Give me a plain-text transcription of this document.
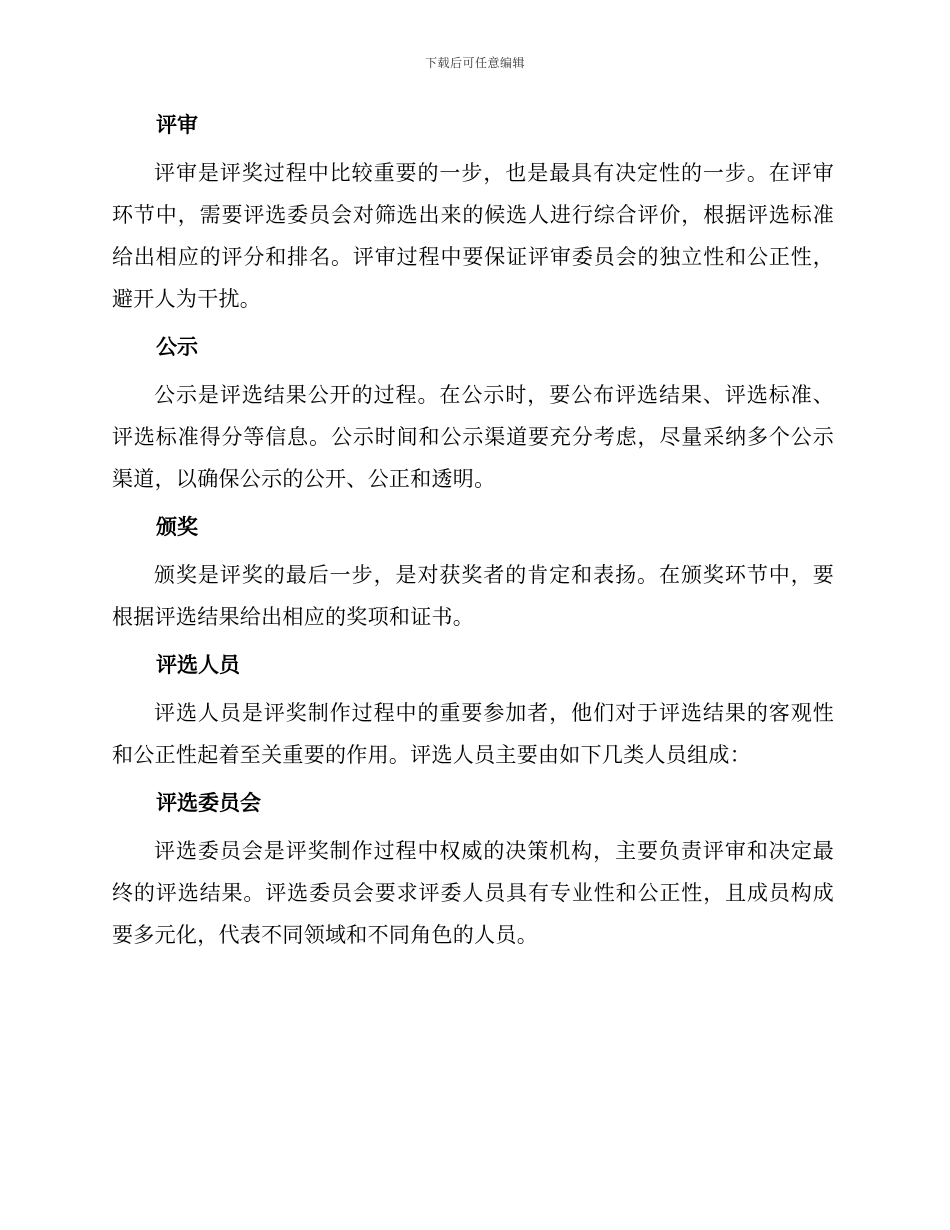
下载后可任意编辑
评审

评审是评奖过程中比较重要的一步，也是最具有决定性的一步。在评审环节中，需要评选委员会对筛选出来的候选人进行综合评价，根据评选标准给出相应的评分和排名。评审过程中要保证评审委员会的独立性和公正性，避开人为干扰。

公示

公示是评选结果公开的过程。在公示时，要公布评选结果、评选标准、评选标准得分等信息。公示时间和公示渠道要充分考虑，尽量采纳多个公示渠道，以确保公示的公开、公正和透明。

颁奖

颁奖是评奖的最后一步，是对获奖者的肯定和表扬。在颁奖环节中，要根据评选结果给出相应的奖项和证书。

评选人员

评选人员是评奖制作过程中的重要参加者，他们对于评选结果的客观性和公正性起着至关重要的作用。评选人员主要由如下几类人员组成：

评选委员会

评选委员会是评奖制作过程中权威的决策机构，主要负责评审和决定最终的评选结果。评选委员会要求评委人员具有专业性和公正性，且成员构成要多元化，代表不同领域和不同角色的人员。
